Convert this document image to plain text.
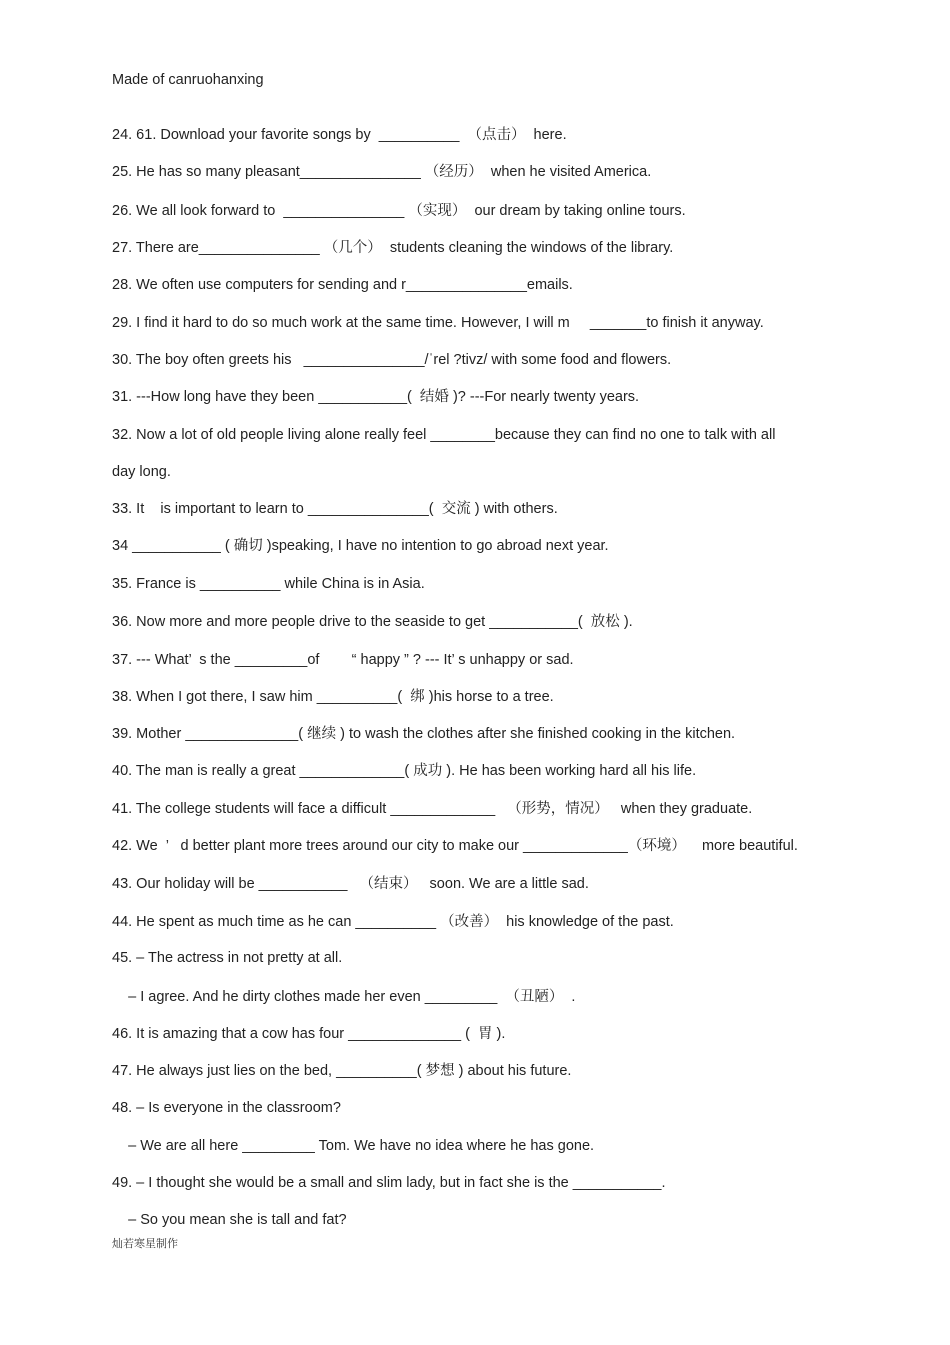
Made of canruohanxing
24. 61. Download your favorite songs by  __________  （点击）  here.
25. He has so many pleasant_______________ （经历）  when he visited America.
26. We all look forward to  _______________ （实现）  our dream by taking online tours.
27. There are_______________ （几个）  students cleaning the windows of the library.
28. We often use computers for sending and r_______________emails.
29. I find it hard to do so much work at the same time. However, I will m     _______to finish it anyway.
30. The boy often greets his   _______________/ˈrel ?tivz/ with some food and flowers.
31. ---How long have they been ___________(  结婚 )? ---For nearly twenty years.
32. Now a lot of old people living alone really feel ________because they can find no one to talk with all
day long.
33. It    is important to learn to _______________(  交流 ) with others.
34 ___________ ( 确切 )speaking, I have no intention to go abroad next year.
35. France is __________ while China is in Asia.
36. Now more and more people drive to the seaside to get ___________(  放松 ).
37. --- What’  s the _________of        “ happy ” ? --- It’ s unhappy or sad.
38. When I got there, I saw him __________(  绑 )his horse to a tree.
39. Mother ______________( 继续 ) to wash the clothes after she finished cooking in the kitchen.
40. The man is really a great _____________( 成功 ). He has been working hard all his life.
41. The college students will face a difficult _____________   （形势，情况）   when they graduate.
42. We  ’   d better plant more trees around our city to make our _____________（环境）    more beautiful.
43. Our holiday will be ___________   （结束）   soon. We are a little sad.
44. He spent as much time as he can __________ （改善）  his knowledge of the past.
45. – The actress in not pretty at all.
– I agree. And he dirty clothes made her even _________  （丑陋）  .
46. It is amazing that a cow has four ______________ (  胃 ).
47. He always just lies on the bed, __________( 梦想 ) about his future.
48. – Is everyone in the classroom?
– We are all here _________ Tom. We have no idea where he has gone.
49. – I thought she would be a small and slim lady, but in fact she is the ___________.
– So you mean she is tall and fat?
灿若寒星制作
